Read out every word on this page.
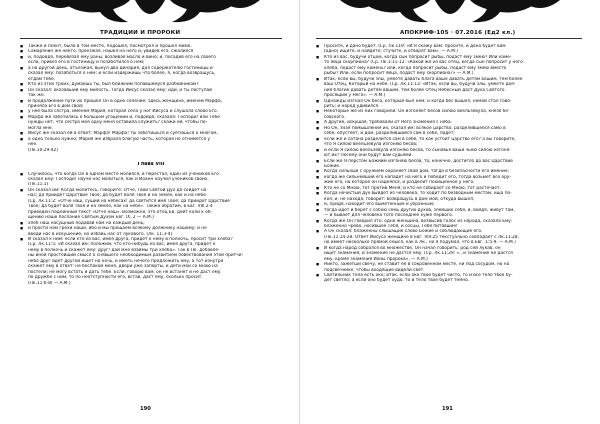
ТРАДИЦИИ И ПРОРОКИ
■ Также и плент, была в том месте, подошёл, посмотрел и прошёл мимо.
■ Самарянин же некто, проезжая, нашёл на него и, увидев его, сжалился
■ и, подойдя, перевязал ему раны, возливая масло и вино; и, посадив его на своего
осла, привёз его в гостиницу и позаботился о нём;
■ а на другой день, отъезжая, вынул два динария, дал содержателю гостиницы и
сказал ему: позаботься о нём; и если издержишь что более, я, когда возвращусь,
отдам тебе.
■ Кто из этих троих, думаешь ты, был ближним попавшемуся разбойникам?
■ Он сказал: оказавший ему милость. Тогда Иисус сказал ему: иди, и ты поступай
так же.
■ В продолжение пути их пришёл Он в одно селение; здесь женщина, именем Марфа,
приняла Его в дом свой;
■ у неё была сестра, именем Мария, которая села у ног Иисуса и слушала слово Его.
■ Марфа же заботилась о большом угощении и, подойдя, сказала: Господи! или Тебе
нужды нет, что сестра моя одну меня оставила служить? скажи ей, чтобы по-
могла мне.
■ Иисус же сказал ей в ответ: Марфа! Марфа! ты заботишься и суетишься о многом,
■ а одно только нужно; Мария же избрала благую часть, которая не отнимется у
неё.
(Лк.10:29-42)
Глава VIII
■ Случилось, что когда Он в одном месте молился, и перестал, один из учеников Его
сказал Ему: Господи! научи нас молиться, как и Иоанн научил учеников своих.
(Лк.11:1)
■ Он сказал им: Когда молитесь, говорите: Отче, Твой Святой Дух да сойдёт на
нас; да приидет Царствие Твоё; да будет воля Твоя и на земле, как и на небе.
(Ср. Лк.11:2: «Отче наш, сущий на небесах! да святится имя Твоё; да приидет Царствие
Твоё; да будет воля Твоя и на земле, как на небе». Также обратим, в Евг. VIII.2-4
приведён подлинный текст «Отче наш». Возможно, это отец Ев. дейт коли к об-
щению наше послание Святым Духом Евг. IX, 2 — А.М.)
■ хлеб наш насущный подавай нам на каждый день;
■ и прости нам грехи наши, ибо и мы прощаем всякому должнику нашему; и не
введи нас в искушение, но избавь нас от лукавого. (Лк. 11:3-4)
■ И сказал к ним: если кто из вас, имея друга, придёт к нему в полночь, просит три хлеба?
(Ср. Лк.11:5: «И сказал им: положим, что кто-нибудь из вас, имея друга, придёт к
нему в полночь и скажет ему: друг! дай мне взаймы три хлеба». Так в Лк. добавле-
ны иной простейший смысл о снявшего необходимым развитием повествования этой притчи:
небо друг идёт другой ищет на ночь, и иметь нечего предложить ему, а тот изнутри
скажет ему в ответ: не беспокой меня, двери уже заперты, и дети мои со мною на
постели; не могу встать и дать тебе. Если, говорю вам, он не встанет и не даст ему
по дружбе с ним, то по неотступности его, встав, даст ему, сколько просит.
(Лк.11:6-8) — А.М.)
190
АПОКРИФ·105 · 07.2016 (Ед2 кл.)
■ Просите, и дано будет. (Ср. Лк.119: «И Я скажу вам: просите, и дано будет вам
[одно] ищите, и найдёте; стучите, и отворят вам». — А.М.)
■ Кто из вас, будучи отцом, когда сын попросит рыбы, подаст ему змею? Или каме-
то яйца скорпиона? (Ср. Лк.1:11-12: «Какой же из вас отец, когда сын попросит у него
хлеба, подаст ему камень? или, когда попросит рыбы, подаст ему змею вместо
рыбы? Или, если попросит яйца, подаст ему скорпиона?» — А.М.)
■ Итак, если вы, будучи злы, умеете давать блага ваше давать детям вашим, тем более
ваш Отец, Который на небе. (Ср. Лк.11:13: «Итак, если вы, будучи злы, умеете дая-
ния благие давать детям вашим, тем более Отец Небесный даст Духа Святого
просящим у Него». — А.М.)
■ Однажды изгнал Он беса, который был нем; и когда бес вышел, немой стал гово-
рить; и народ удивился.
■ Некоторые же из них говорили: Он изгоняет бесов силою веельзевула, князя бе-
совского.
■ А другие, искушая, требовали от Него знамения с неба.
■ Но Он, зная помышления их, сказал им: всякое царство, разделившееся само в
себе, опустеет, и дом, разделившийся сам в себе, падёт;
■ если же и сатана разделится сам в себе, то как устоит царство его? а вы говорите,
что Я силою веельзевула изгоняю бесов;
■ и если Я силою веельзевула изгоняю бесов, то сыновья ваши чьею силою изгоня-
ют их? Посему они будут вам судьями.
■ Если же Я перстом Божиим изгоняю бесов, то, конечно, достигло до вас Царствие
Божие.
■ Когда сильный с оружием охраняет свой дом, тогда в безопасности его имение;
■ когда же сильнейший его нападёт на него и победит его, тогда возьмёт всё ору-
жие его, на которое он надеялся, и разделит похищенное у него.
■ Кто не со Мною, тот против Меня; и кто не собирает со Мною, тот расточает.
■ Когда нечистый дух выйдет из человека, то ходит по безводным местам, ища по-
коя, и, не находя, говорит: возвращусь в дом мой, откуда вышел;
■ и, придя, находит его выметенным и убранным;
■ тогда идёт и берёт с собою семь других духов, злейших себя, и, войдя, живут там,
— и бывает для человека того последнее хуже первого.
■ Когда же Он говорил это, одна женщина, возвысив голос из народа, сказала Ему:
блаженно чрево, носившее Тебя, и сосцы, Тебя питавшие!
■ А Он сказал: блаженны слышащие слово Божие и соблюдающие его.
(Лк.11:14-28. Ответ Иисуса женщине в Евг. VIII.25 текстуально совпадает с Лк.11:28,
но имеет несколько прямой смысл, как в Лк., но я подумал, что в Евг. 1:5-9. — А.М.)
■ И когда народ собрался во множестве, Он начал говорить: род сей лукав, он
ищет знамения, и знамение не дастся ему. (Ср. Лк.11:29: «...и знамение не дастся
ему, кроме знамения Ионы пророка». — А.М.)
■ Никто, зажёгши свечу, не ставит её в сокровенном месте, ни под сосудом, но на
подсвечнике, чтобы входящие видели свет.
■ Светильник тела есть око; итак, если око твоё будет чисто, то и всё тело твоё бу-
дет светло; а если оно будет худо, то и тело твоё будет темно.
191
